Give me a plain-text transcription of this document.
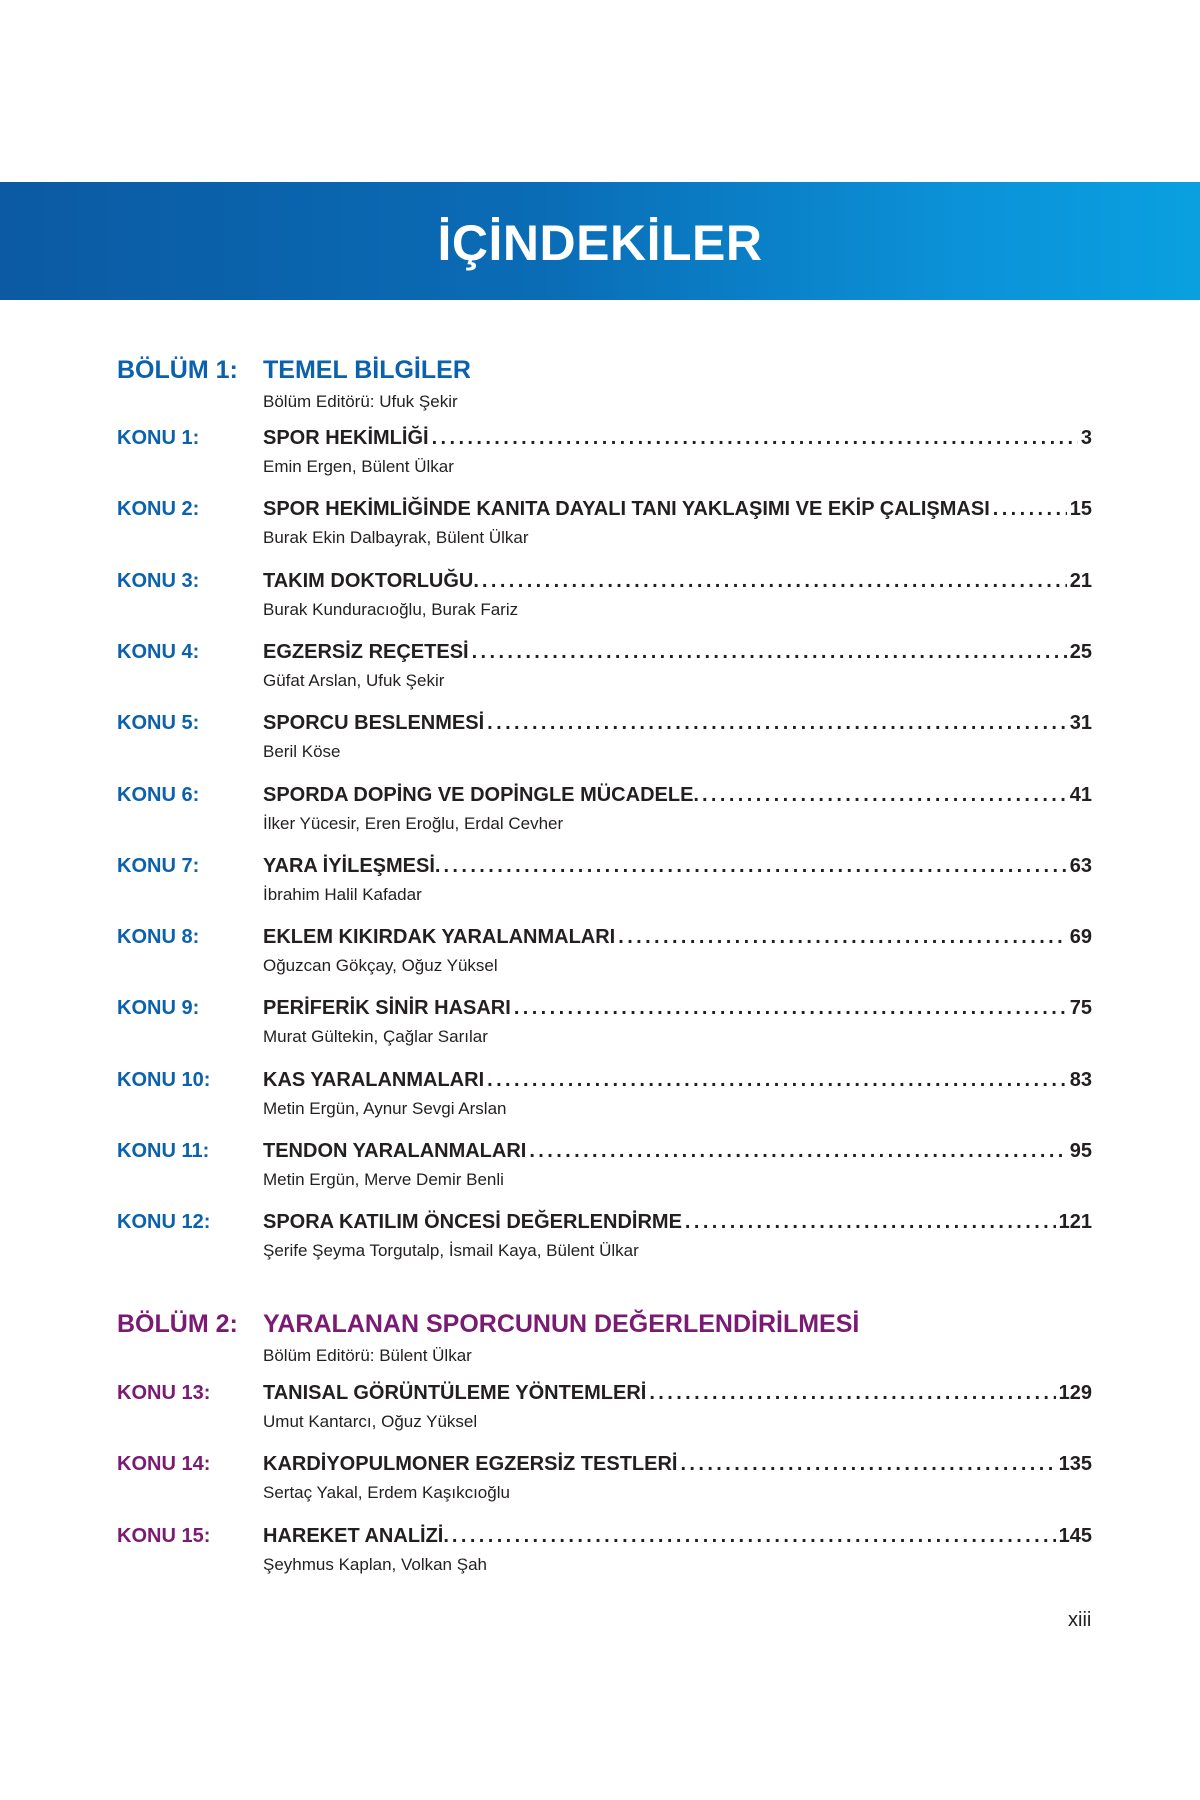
İÇİNDEKİLER
BÖLÜM 1: TEMEL BİLGİLER
Bölüm Editörü: Ufuk Şekir
KONU 1:	SPOR HEKİMLİĞİ .....	3
Emin Ergen, Bülent Ülkar
KONU 2:	SPOR HEKİMLİĞİNDE KANITA DAYALI TANI YAKLAŞIMI VE EKİP ÇALIŞMASI .....	15
Burak Ekin Dalbayrak, Bülent Ülkar
KONU 3:	TAKIM DOKTORLUĞU. .....	21
Burak Kunduracıoğlu, Burak Fariz
KONU 4:	EGZERSİZ REÇETESİ .....	25
Güfat Arslan, Ufuk Şekir
KONU 5:	SPORCU BESLENMESİ .....	31
Beril Köse
KONU 6:	SPORDA DOPİNG VE DOPİNGLE MÜCADELE. .....	41
İlker Yücesir, Eren Eroğlu, Erdal Cevher
KONU 7:	YARA İYİLEŞMESİ. .....	63
İbrahim Halil Kafadar
KONU 8:	EKLEM KIKIRDAK YARALANMALARI .....	69
Oğuzcan Gökçay, Oğuz Yüksel
KONU 9:	PERİFERİK SİNİR HASARI .....	75
Murat Gültekin, Çağlar Sarılar
KONU 10:	KAS YARALANMALARI .....	83
Metin Ergün, Aynur Sevgi Arslan
KONU 11:	TENDON YARALANMALARI .....	95
Metin Ergün, Merve Demir Benli
KONU 12:	SPORA KATILIM ÖNCESİ DEĞERLENDİRME .....	121
Şerife Şeyma Torgutalp, İsmail Kaya, Bülent Ülkar
BÖLÜM 2: YARALANAN SPORCUNUN DEĞERLENDİRİLMESİ
Bölüm Editörü: Bülent Ülkar
KONU 13:	TANISAL GÖRÜNTÜLEME YÖNTEMLERİ .....	129
Umut Kantarcı, Oğuz Yüksel
KONU 14:	KARDİYOPULMONER EGZERSİZ TESTLERİ .....	135
Sertaç Yakal, Erdem Kaşıkcıoğlu
KONU 15:	HAREKET ANALİZİ. .....	145
Şeyhmus Kaplan, Volkan Şah
xiii
